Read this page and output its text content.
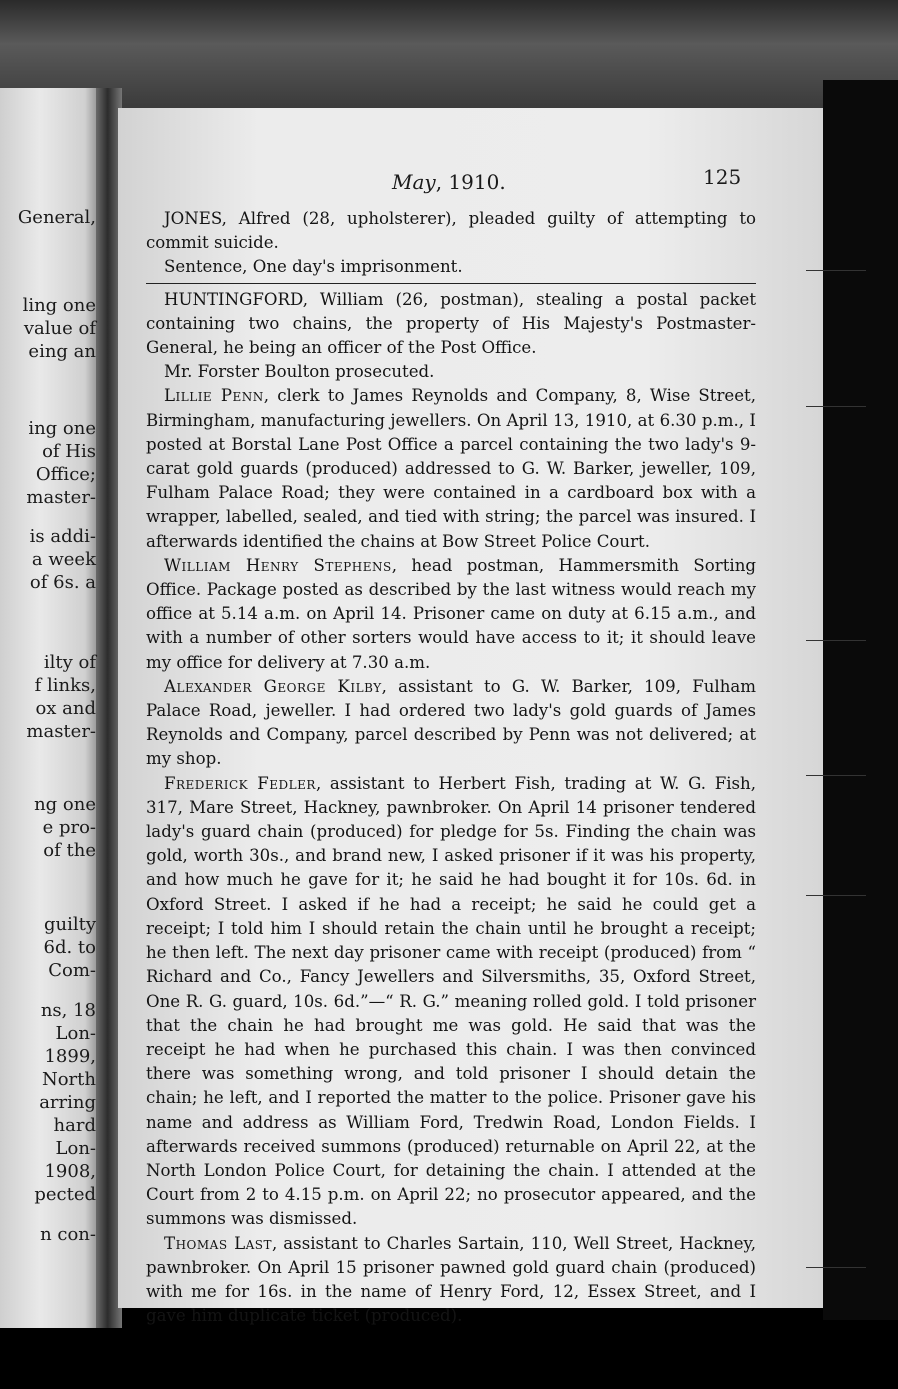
General,
ling one
value of
eing an
ing one
of His
Office;
master-
is addi-
a week
of 6s. a
ilty of
f links,
ox and
master-
ng one
e pro-
of the
guilty
6d. to
Com-
ns, 18
Lon-
1899,
North
arring
hard
Lon-
1908,
pected
n con-
May, 1910.	125

JONES, Alfred (28, upholsterer), pleaded guilty of attempting to commit suicide.

Sentence, One day's imprisonment.

HUNTINGFORD, William (26, postman), stealing a postal packet containing two chains, the property of His Majesty's Postmaster-General, he being an officer of the Post Office.

Mr. Forster Boulton prosecuted.

Lillie Penn, clerk to James Reynolds and Company, 8, Wise Street, Birmingham, manufacturing jewellers. On April 13, 1910, at 6.30 p.m., I posted at Borstal Lane Post Office a parcel containing the two lady's 9-carat gold guards (produced) addressed to G. W. Barker, jeweller, 109, Fulham Palace Road; they were contained in a cardboard box with a wrapper, labelled, sealed, and tied with string; the parcel was insured. I afterwards identified the chains at Bow Street Police Court.

William Henry Stephens, head postman, Hammersmith Sorting Office. Package posted as described by the last witness would reach my office at 5.14 a.m. on April 14. Prisoner came on duty at 6.15 a.m., and with a number of other sorters would have access to it; it should leave my office for delivery at 7.30 a.m.

Alexander George Kilby, assistant to G. W. Barker, 109, Fulham Palace Road, jeweller. I had ordered two lady's gold guards of James Reynolds and Company, parcel described by Penn was not delivered; at my shop.

Frederick Fedler, assistant to Herbert Fish, trading at W. G. Fish, 317, Mare Street, Hackney, pawnbroker. On April 14 prisoner tendered lady's guard chain (produced) for pledge for 5s. Finding the chain was gold, worth 30s., and brand new, I asked prisoner if it was his property, and how much he gave for it; he said he had bought it for 10s. 6d. in Oxford Street. I asked if he had a receipt; he said he could get a receipt; I told him I should retain the chain until he brought a receipt; he then left. The next day prisoner came with receipt (produced) from “ Richard and Co., Fancy Jewellers and Silversmiths, 35, Oxford Street, One R. G. guard, 10s. 6d.”—“ R. G.” meaning rolled gold. I told prisoner that the chain he had brought me was gold. He said that was the receipt he had when he purchased this chain. I was then convinced there was something wrong, and told prisoner I should detain the chain; he left, and I reported the matter to the police. Prisoner gave his name and address as William Ford, Tredwin Road, London Fields. I afterwards received summons (produced) returnable on April 22, at the North London Police Court, for detaining the chain. I attended at the Court from 2 to 4.15 p.m. on April 22; no prosecutor appeared, and the summons was dismissed.

Thomas Last, assistant to Charles Sartain, 110, Well Street, Hackney, pawnbroker. On April 15 prisoner pawned gold guard chain (produced) with me for 16s. in the name of Henry Ford, 12, Essex Street, and I gave him duplicate ticket (produced).
